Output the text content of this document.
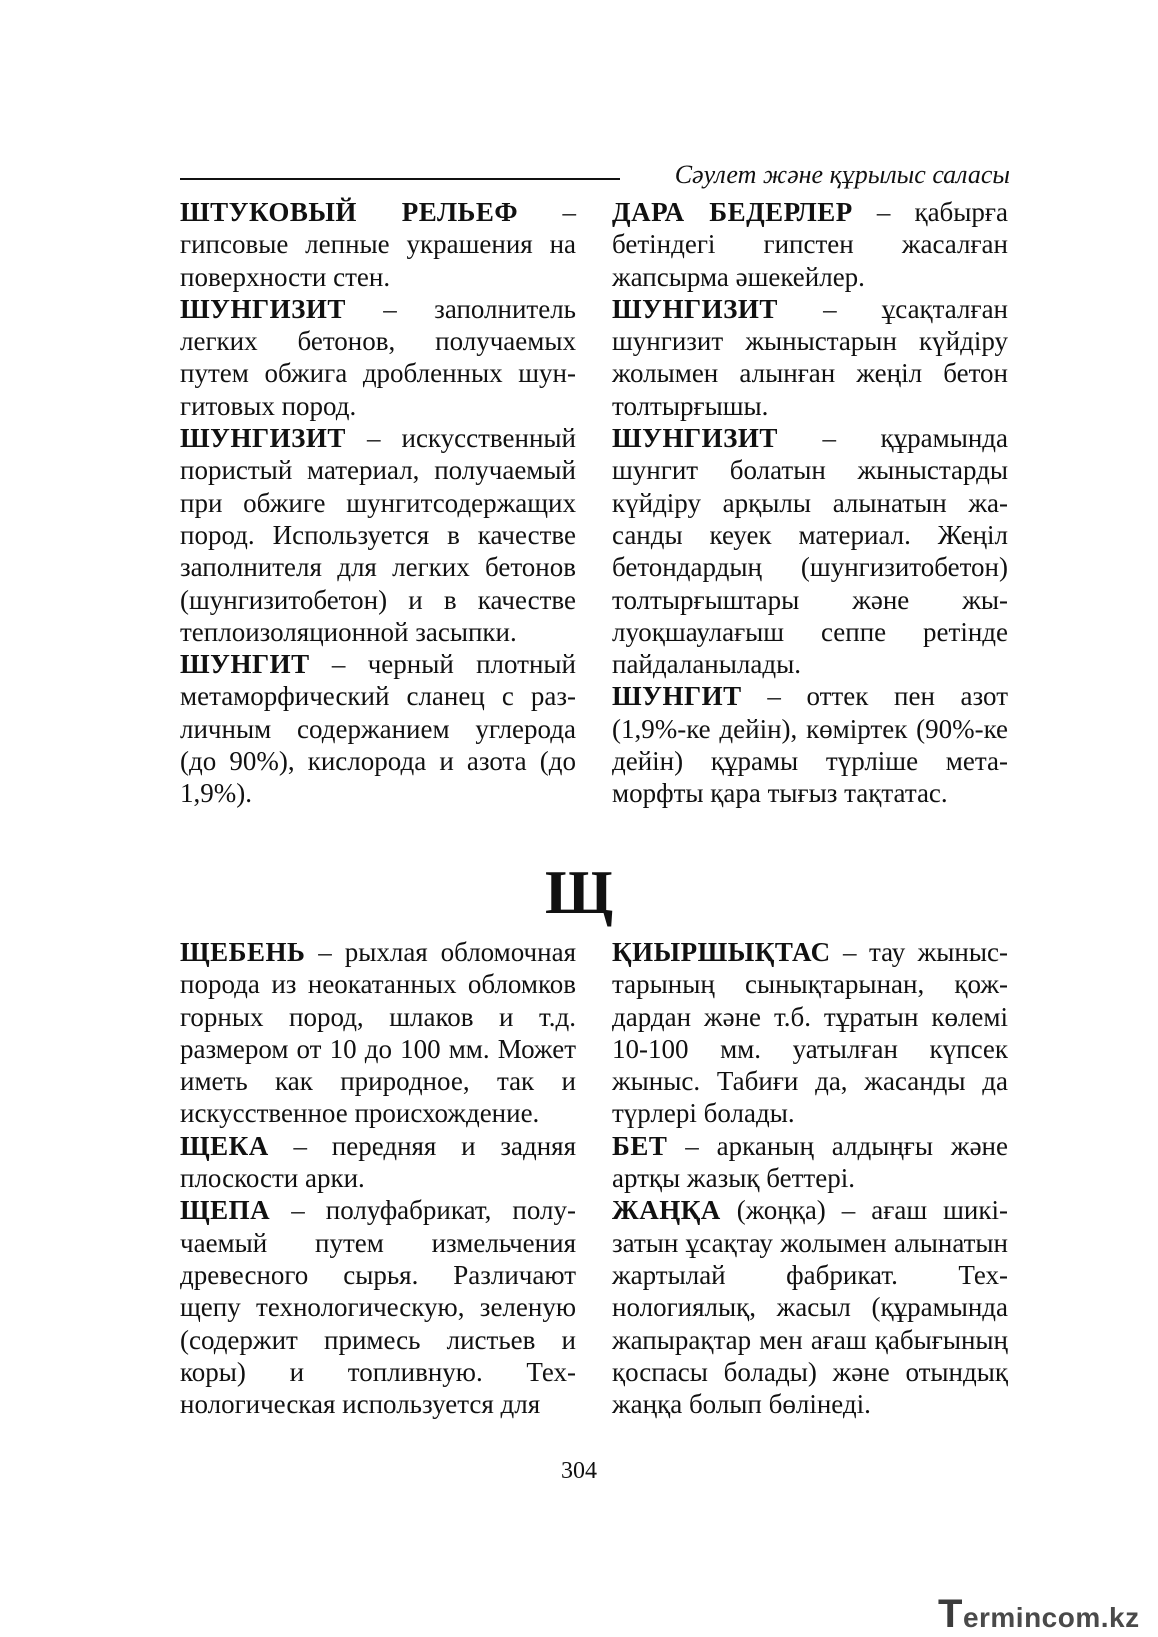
Сәулет және құрылыс саласы

ШТУКОВЫЙ РЕЛЬЕФ – гипсовые лепные украшения на поверхности стен.

ШУНГИЗИТ – заполнитель легких бетонов, получаемых путем обжига дробленных шунгитовых пород.

ШУНГИЗИТ – искусственный пористый материал, получаемый при обжиге шунгитсодержащих пород. Используется в качестве заполнителя для легких бетонов (шунгизитобетон) и в качестве теплоизоляционной засыпки.

ШУНГИТ – черный плотный метаморфический сланец с различным содержанием углерода (до 90%), кислорода и азота (до 1,9%).

ДАРА БЕДЕРЛЕР – қабырға бетіндегі гипстен жасалған жапсырма әшекейлер.

ШУНГИЗИТ – ұсақталған шунгизит жыныстарын күйдіру жолымен алынған жеңіл бетон толтырғышы.

ШУНГИЗИТ – құрамында шунгит болатын жыныстарды күйдіру арқылы алынатын жасанды кеуек материал. Жеңіл бетондардың (шунгизитобетон) толтырғыштары және жылуоқшаулағыш сеппе ретінде пайдаланылады.

ШУНГИТ – оттек пен азот (1,9%-ке дейін), көміртек (90%-ке дейін) құрамы түрліше метаморфты қара тығыз тақтатас.

Щ

ЩЕБЕНЬ – рыхлая обломочная порода из неокатанных обломков горных пород, шлаков и т.д. размером от 10 до 100 мм. Может иметь как природное, так и искусственное происхождение.

ЩЕКА – передняя и задняя плоскости арки.

ЩЕПА – полуфабрикат, получаемый путем измельчения древесного сырья. Различают щепу технологическую, зеленую (содержит примесь листьев и коры) и топливную. Технологическая используется для

ҚИЫРШЫҚТАС – тау жыныстарының сынықтарынан, қождардан және т.б. тұратын көлемі 10-100 мм. уатылған күпсек жыныс. Табиғи да, жасанды да түрлері болады.

БЕТ – арканың алдыңғы және артқы жазық беттері.

ЖАҢҚА (жоңқа) – ағаш шикізатын ұсақтау жолымен алынатын жартылай фабрикат. Технологиялық, жасыл (құрамында жапырақтар мен ағаш қабығының қоспасы болады) және отындық жаңқа болып бөлінеді.

304
Termincom.kz
